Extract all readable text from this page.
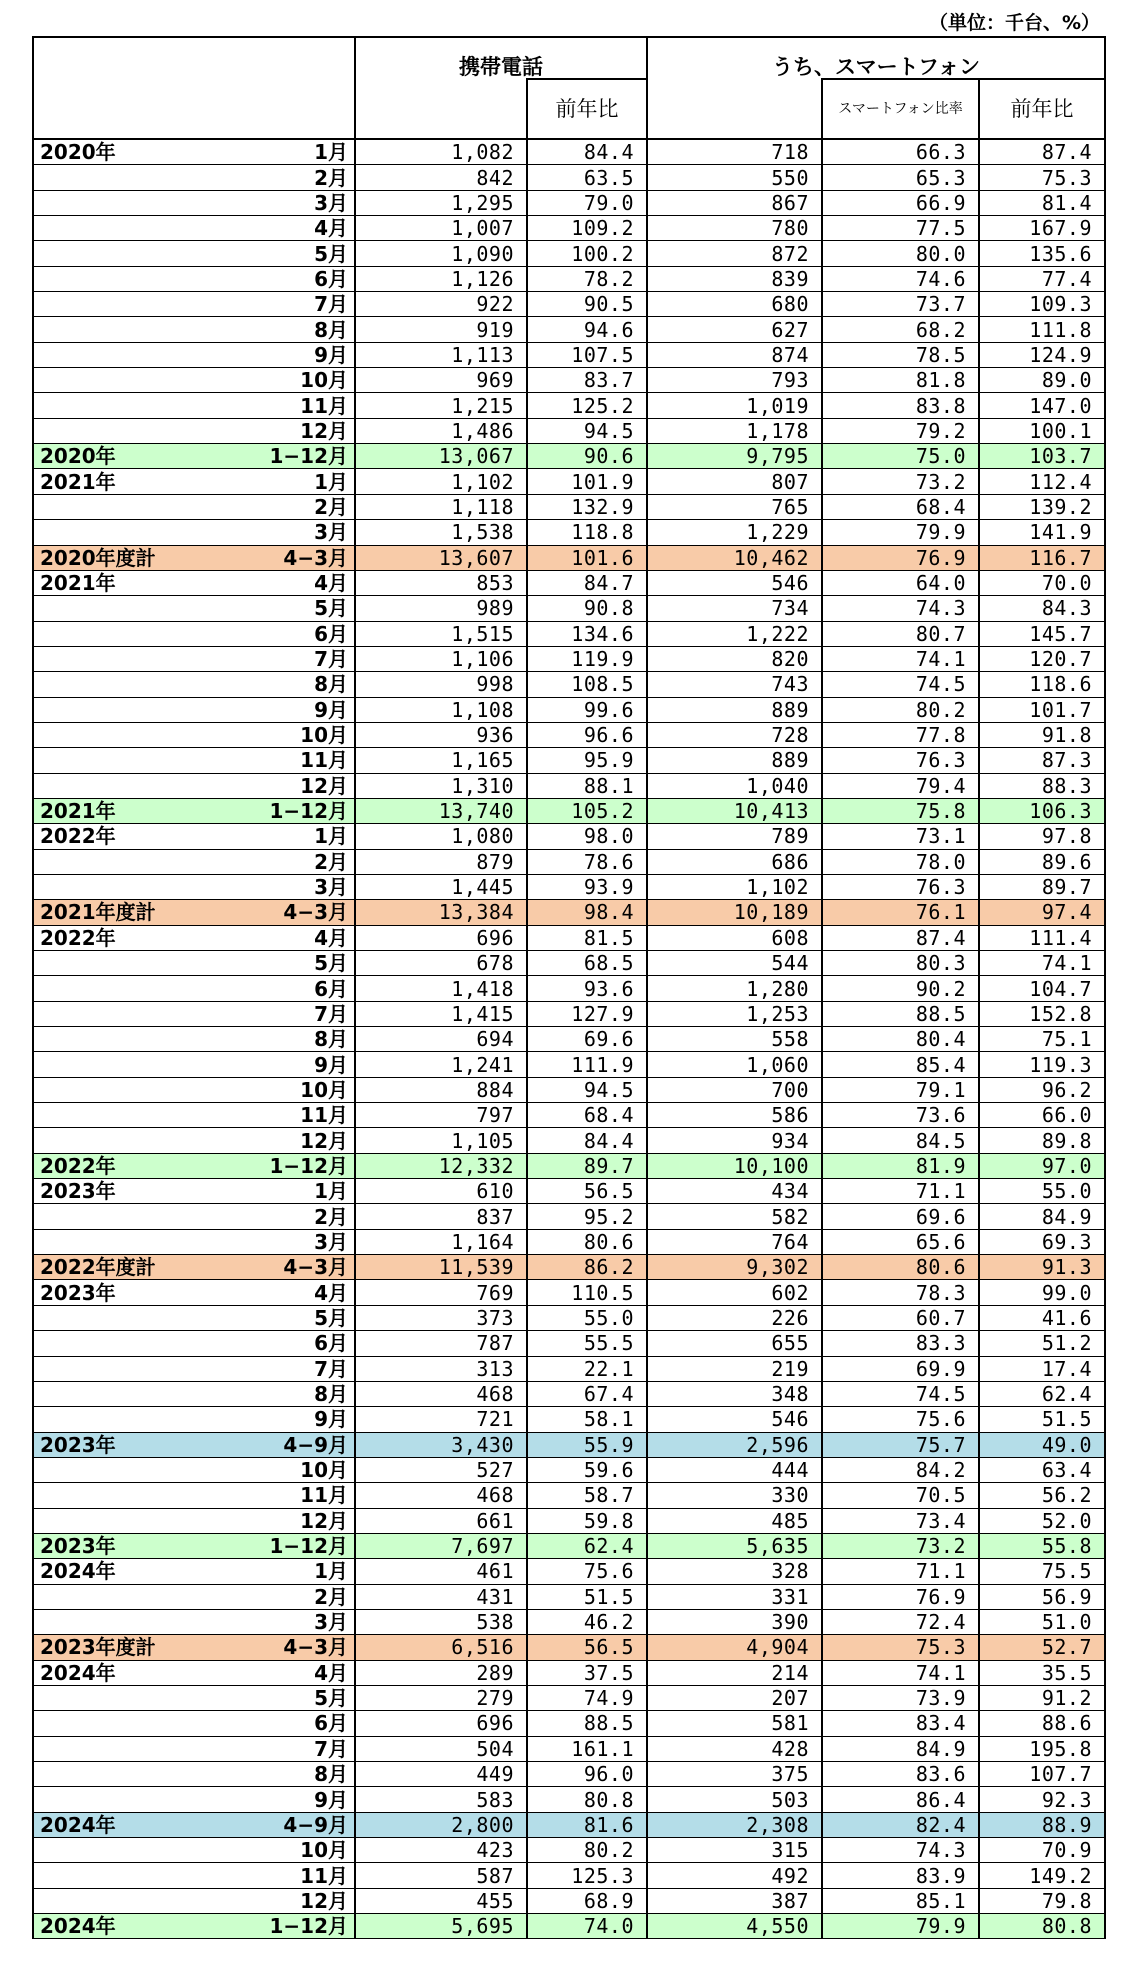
（単位：千台、%）
		携帯電話		うち、スマートフォン		
			前年比		スマートフォン比率	前年比
2020年	1月	1,082	84.4	718	66.3	87.4
	2月	842	63.5	550	65.3	75.3
	3月	1,295	79.0	867	66.9	81.4
	4月	1,007	109.2	780	77.5	167.9
	5月	1,090	100.2	872	80.0	135.6
	6月	1,126	78.2	839	74.6	77.4
	7月	922	90.5	680	73.7	109.3
	8月	919	94.6	627	68.2	111.8
	9月	1,113	107.5	874	78.5	124.9
	10月	969	83.7	793	81.8	89.0
	11月	1,215	125.2	1,019	83.8	147.0
	12月	1,486	94.5	1,178	79.2	100.1
2020年	1−12月	13,067	90.6	9,795	75.0	103.7
2021年	1月	1,102	101.9	807	73.2	112.4
	2月	1,118	132.9	765	68.4	139.2
	3月	1,538	118.8	1,229	79.9	141.9
2020年度計	4−3月	13,607	101.6	10,462	76.9	116.7
2021年	4月	853	84.7	546	64.0	70.0
	5月	989	90.8	734	74.3	84.3
	6月	1,515	134.6	1,222	80.7	145.7
	7月	1,106	119.9	820	74.1	120.7
	8月	998	108.5	743	74.5	118.6
	9月	1,108	99.6	889	80.2	101.7
	10月	936	96.6	728	77.8	91.8
	11月	1,165	95.9	889	76.3	87.3
	12月	1,310	88.1	1,040	79.4	88.3
2021年	1−12月	13,740	105.2	10,413	75.8	106.3
2022年	1月	1,080	98.0	789	73.1	97.8
	2月	879	78.6	686	78.0	89.6
	3月	1,445	93.9	1,102	76.3	89.7
2021年度計	4−3月	13,384	98.4	10,189	76.1	97.4
2022年	4月	696	81.5	608	87.4	111.4
	5月	678	68.5	544	80.3	74.1
	6月	1,418	93.6	1,280	90.2	104.7
	7月	1,415	127.9	1,253	88.5	152.8
	8月	694	69.6	558	80.4	75.1
	9月	1,241	111.9	1,060	85.4	119.3
	10月	884	94.5	700	79.1	96.2
	11月	797	68.4	586	73.6	66.0
	12月	1,105	84.4	934	84.5	89.8
2022年	1−12月	12,332	89.7	10,100	81.9	97.0
2023年	1月	610	56.5	434	71.1	55.0
	2月	837	95.2	582	69.6	84.9
	3月	1,164	80.6	764	65.6	69.3
2022年度計	4−3月	11,539	86.2	9,302	80.6	91.3
2023年	4月	769	110.5	602	78.3	99.0
	5月	373	55.0	226	60.7	41.6
	6月	787	55.5	655	83.3	51.2
	7月	313	22.1	219	69.9	17.4
	8月	468	67.4	348	74.5	62.4
	9月	721	58.1	546	75.6	51.5
2023年	4−9月	3,430	55.9	2,596	75.7	49.0
	10月	527	59.6	444	84.2	63.4
	11月	468	58.7	330	70.5	56.2
	12月	661	59.8	485	73.4	52.0
2023年	1−12月	7,697	62.4	5,635	73.2	55.8
2024年	1月	461	75.6	328	71.1	75.5
	2月	431	51.5	331	76.9	56.9
	3月	538	46.2	390	72.4	51.0
2023年度計	4−3月	6,516	56.5	4,904	75.3	52.7
2024年	4月	289	37.5	214	74.1	35.5
	5月	279	74.9	207	73.9	91.2
	6月	696	88.5	581	83.4	88.6
	7月	504	161.1	428	84.9	195.8
	8月	449	96.0	375	83.6	107.7
	9月	583	80.8	503	86.4	92.3
2024年	4−9月	2,800	81.6	2,308	82.4	88.9
	10月	423	80.2	315	74.3	70.9
	11月	587	125.3	492	83.9	149.2
	12月	455	68.9	387	85.1	79.8
2024年	1−12月	5,695	74.0	4,550	79.9	80.8
